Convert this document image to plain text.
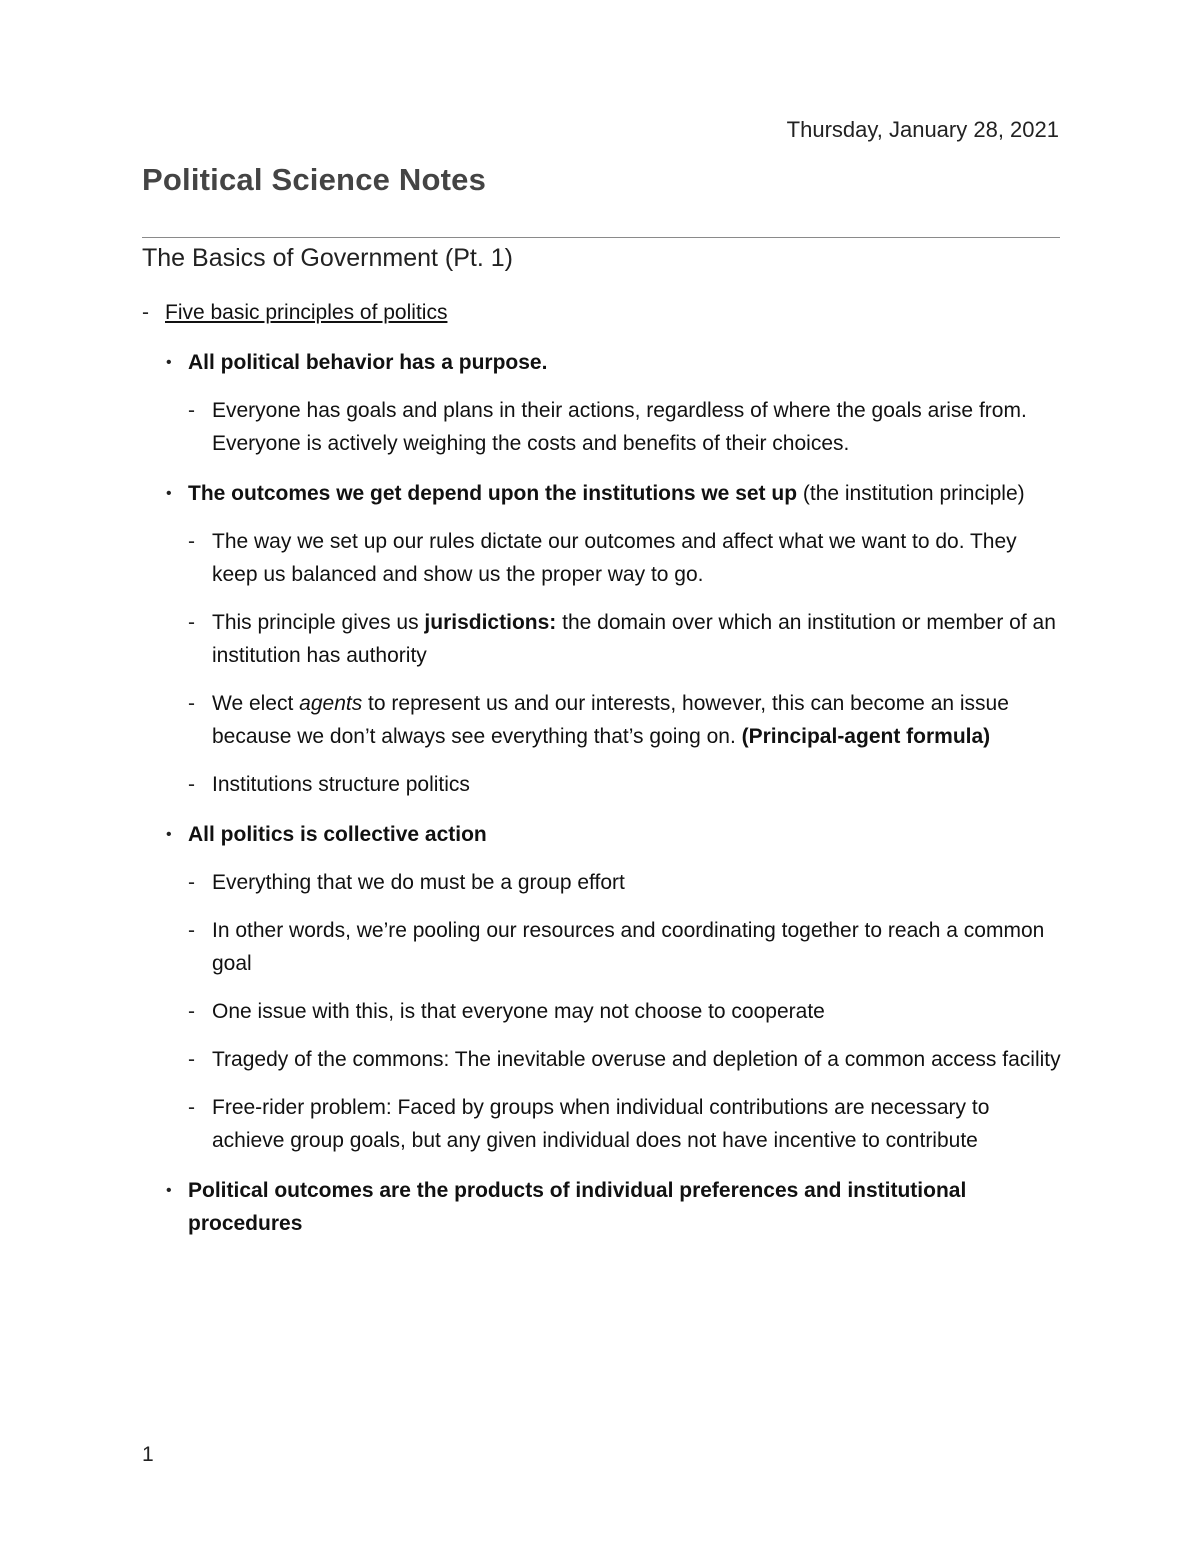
Thursday, January 28, 2021
Political Science Notes
The Basics of Government (Pt. 1)
- Five basic principles of politics
• All political behavior has a purpose.
- Everyone has goals and plans in their actions, regardless of where the goals arise from. Everyone is actively weighing the costs and benefits of their choices.
• The outcomes we get depend upon the institutions we set up (the institution principle)
- The way we set up our rules dictate our outcomes and affect what we want to do. They keep us balanced and show us the proper way to go.
- This principle gives us jurisdictions: the domain over which an institution or member of an institution has authority
- We elect agents to represent us and our interests, however, this can become an issue because we don’t always see everything that’s going on. (Principal-agent formula)
- Institutions structure politics
• All politics is collective action
- Everything that we do must be a group effort
- In other words, we’re pooling our resources and coordinating together to reach a common goal
- One issue with this, is that everyone may not choose to cooperate
- Tragedy of the commons: The inevitable overuse and depletion of a common access facility
- Free-rider problem: Faced by groups when individual contributions are necessary to achieve group goals, but any given individual does not have incentive to contribute
• Political outcomes are the products of individual preferences and institutional procedures
1
